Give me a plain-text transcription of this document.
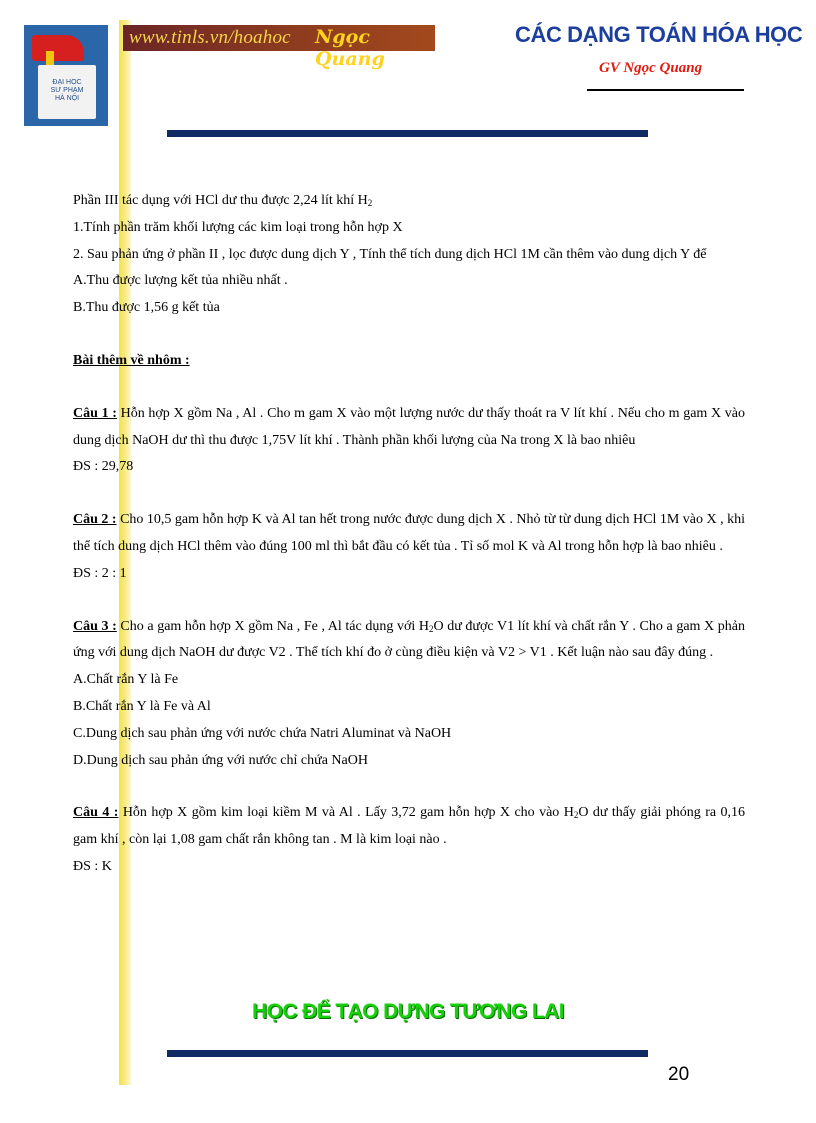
ĐẠI HỌC
SƯ PHẠM
HÀ NỘI
www.tinls.vn/hoahoc Ngọc Quang
CÁC DẠNG TOÁN HÓA HỌC
GV Ngọc Quang

Phần III tác dụng với HCl dư thu được 2,24 lít khí $H_2$

1.Tính phần trăm khối lượng các kim loại trong hỗn hợp X

2. Sau phản ứng ở phần II , lọc được dung dịch Y , Tính thể tích dung dịch HCl 1M cần thêm vào dung dịch Y để

A.Thu được lượng kết tủa nhiều nhất .

B.Thu được 1,56 g kết tủa

Bài thêm về nhôm :

Câu 1 : Hỗn hợp X gồm Na , Al . Cho m gam X vào một lượng nước dư thấy thoát ra V lít khí . Nếu cho m gam X vào dung dịch NaOH dư thì thu được 1,75V lít khí . Thành phần khối lượng của Na trong X là bao nhiêu

ĐS : 29,78

Câu 2 : Cho 10,5 gam hỗn hợp K và Al tan hết trong nước được dung dịch X . Nhỏ từ từ dung dịch HCl 1M vào X , khi thể tích dung dịch HCl thêm vào đúng 100 ml thì bắt đầu có kết tủa . Tỉ số mol K và Al trong hỗn hợp là bao nhiêu .

ĐS : 2 : 1

Câu 3 : Cho a gam hỗn hợp X gồm Na , Fe , Al tác dụng với $H_2O$ dư được V1 lít khí và chất rắn Y . Cho a gam X phản ứng với dung dịch NaOH dư được V2 . Thể tích khí đo ở cùng điều kiện và V2 > V1 . Kết luận nào sau đây đúng .

A.Chất rắn Y là Fe

B.Chất rắn Y là Fe và Al

C.Dung dịch sau phản ứng với nước chứa Natri Aluminat và NaOH

D.Dung dịch sau phản ứng với nước chỉ chứa NaOH

Câu 4 : Hỗn hợp X gồm kim loại kiềm M và Al . Lấy 3,72 gam hỗn hợp X cho vào $H_2O$ dư thấy giải phóng ra 0,16 gam khí , còn lại 1,08 gam chất rắn không tan . M là kim loại nào .

ĐS : K

HỌC ĐỂ TẠO DỰNG TƯƠNG LAI
20
